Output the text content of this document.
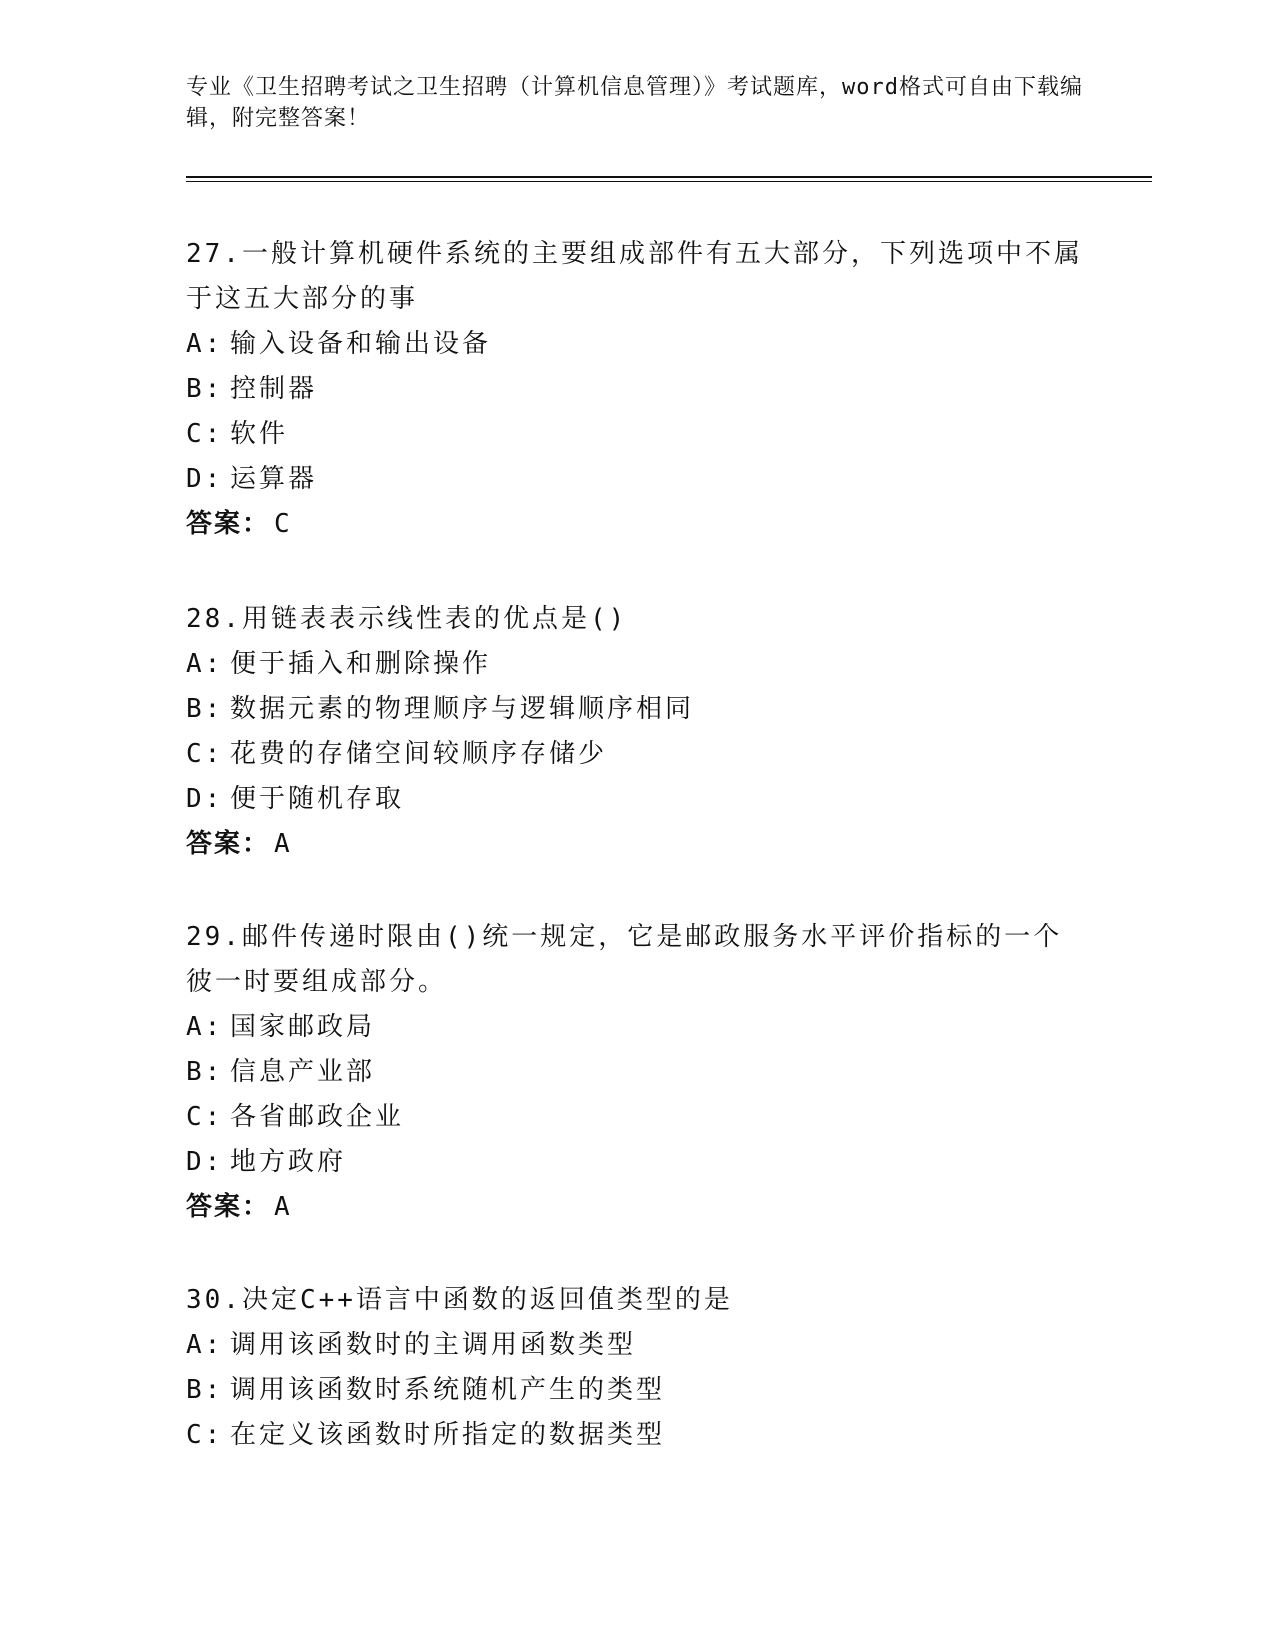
专业《卫生招聘考试之卫生招聘（计算机信息管理）》考试题库，word格式可自由下载编辑，附完整答案！

27.一般计算机硬件系统的主要组成部件有五大部分，下列选项中不属于这五大部分的事

A: 输入设备和输出设备
B: 控制器
C: 软件
D: 运算器
答案： C

28.用链表表示线性表的优点是()

A: 便于插入和删除操作
B: 数据元素的物理顺序与逻辑顺序相同
C: 花费的存储空间较顺序存储少
D: 便于随机存取
答案： A

29.邮件传递时限由()统一规定，它是邮政服务水平评价指标的一个彼一时要组成部分。

A: 国家邮政局
B: 信息产业部
C: 各省邮政企业
D: 地方政府
答案： A

30.决定C++语言中函数的返回值类型的是

A: 调用该函数时的主调用函数类型
B: 调用该函数时系统随机产生的类型
C: 在定义该函数时所指定的数据类型
